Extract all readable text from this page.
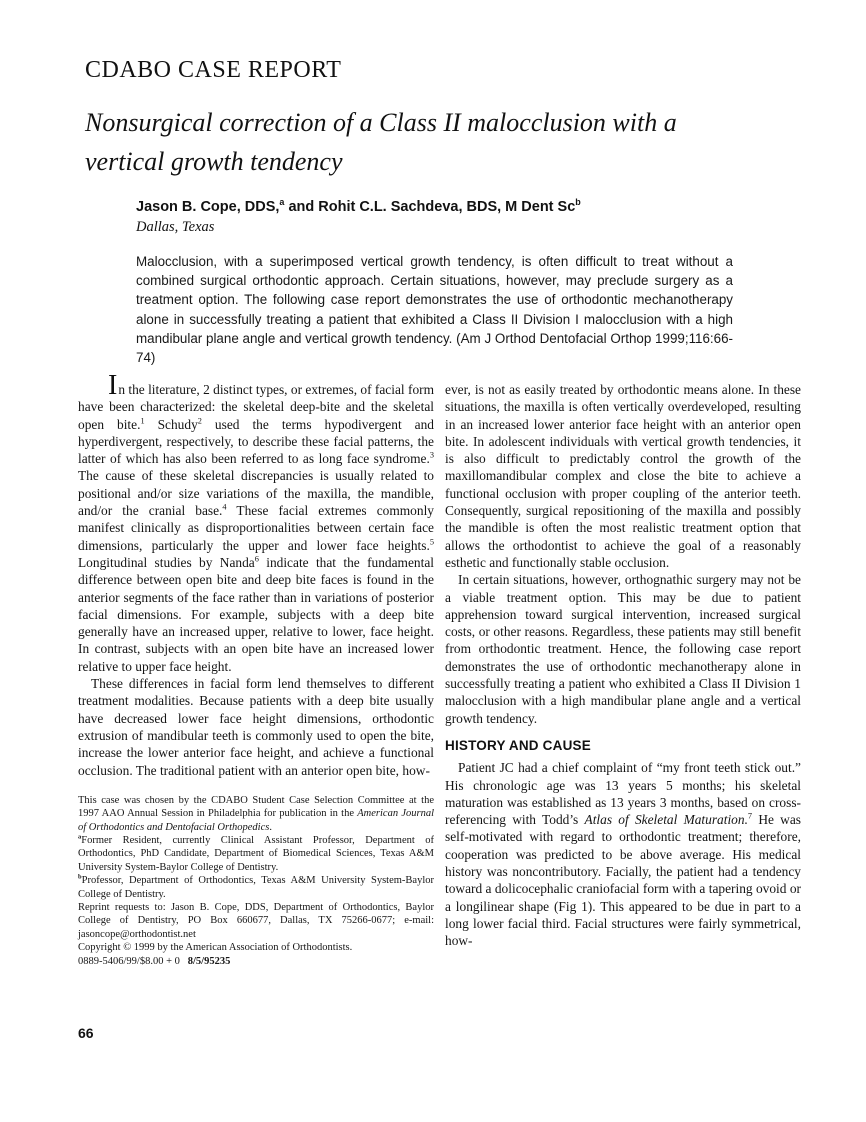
CDABO CASE REPORT
Nonsurgical correction of a Class II malocclusion with a
vertical growth tendency
Jason B. Cope, DDS,$^a$ and Rohit C.L. Sachdeva, BDS, M Dent Sc$^b$
Dallas, Texas
Malocclusion, with a superimposed vertical growth tendency, is often difficult to treat without a combined surgical orthodontic approach. Certain situations, however, may preclude surgery as a treatment option. The following case report demonstrates the use of orthodontic mechanotherapy alone in successfully treating a patient that exhibited a Class II Division I malocclusion with a high mandibular plane angle and vertical growth tendency. (Am J Orthod Dentofacial Orthop 1999;116:66-74)

In the literature, 2 distinct types, or extremes, of facial form have been characterized: the skeletal deep-bite and the skeletal open bite.$^1$ Schudy$^2$ used the terms hypodivergent and hyperdivergent, respectively, to describe these facial patterns, the latter of which has also been referred to as long face syndrome.$^3$ The cause of these skeletal discrepancies is usually related to positional and/or size variations of the maxilla, the mandible, and/or the cranial base.$^4$ These facial extremes commonly manifest clinically as disproportionalities between certain face dimensions, particularly the upper and lower face heights.$^5$ Longitudinal studies by Nanda$^6$ indicate that the fundamental difference between open bite and deep bite faces is found in the anterior segments of the face rather than in variations of posterior facial dimensions. For example, subjects with a deep bite generally have an increased upper, relative to lower, face height. In contrast, subjects with an open bite have an increased lower relative to upper face height.

These differences in facial form lend themselves to different treatment modalities. Because patients with a deep bite usually have decreased lower face height dimensions, orthodontic extrusion of mandibular teeth is commonly used to open the bite, increase the lower anterior face height, and achieve a functional occlusion. The traditional patient with an anterior open bite, how-

This case was chosen by the CDABO Student Case Selection Committee at the 1997 AAO Annual Session in Philadelphia for publication in the American Journal of Orthodontics and Dentofacial Orthopedics.

$^a$Former Resident, currently Clinical Assistant Professor, Department of Orthodontics, PhD Candidate, Department of Biomedical Sciences, Texas A&M University System-Baylor College of Dentistry.

$^b$Professor, Department of Orthodontics, Texas A&M University System-Baylor College of Dentistry.

Reprint requests to: Jason B. Cope, DDS, Department of Orthodontics, Baylor College of Dentistry, PO Box 660677, Dallas, TX 75266-0677; e-mail: jasoncope@orthodontist.net

Copyright © 1999 by the American Association of Orthodontists.

0889-5406/99/$8.00 + 0   8/5/95235

ever, is not as easily treated by orthodontic means alone. In these situations, the maxilla is often vertically overdeveloped, resulting in an increased lower anterior face height with an anterior open bite. In adolescent individuals with vertical growth tendencies, it is also difficult to predictably control the growth of the maxillomandibular complex and close the bite to achieve a functional occlusion with proper coupling of the anterior teeth. Consequently, surgical repositioning of the maxilla and possibly the mandible is often the most realistic treatment option that allows the orthodontist to achieve the goal of a reasonably esthetic and functionally stable occlusion.

In certain situations, however, orthognathic surgery may not be a viable treatment option. This may be due to patient apprehension toward surgical intervention, increased surgical costs, or other reasons. Regardless, these patients may still benefit from orthodontic treatment. Hence, the following case report demonstrates the use of orthodontic mechanotherapy alone in successfully treating a patient who exhibited a Class II Division 1 malocclusion with a high mandibular plane angle and a vertical growth tendency.

HISTORY AND CAUSE

Patient JC had a chief complaint of “my front teeth stick out.” His chronologic age was 13 years 5 months; his skeletal maturation was established as 13 years 3 months, based on cross-referencing with Todd’s Atlas of Skeletal Maturation.$^7$ He was self-motivated with regard to orthodontic treatment; therefore, cooperation was predicted to be above average. His medical history was noncontributory. Facially, the patient had a tendency toward a dolicocephalic craniofacial form with a tapering ovoid or a longilinear shape (Fig 1). This appeared to be due in part to a long lower facial third. Facial structures were fairly symmetrical, how-

66
